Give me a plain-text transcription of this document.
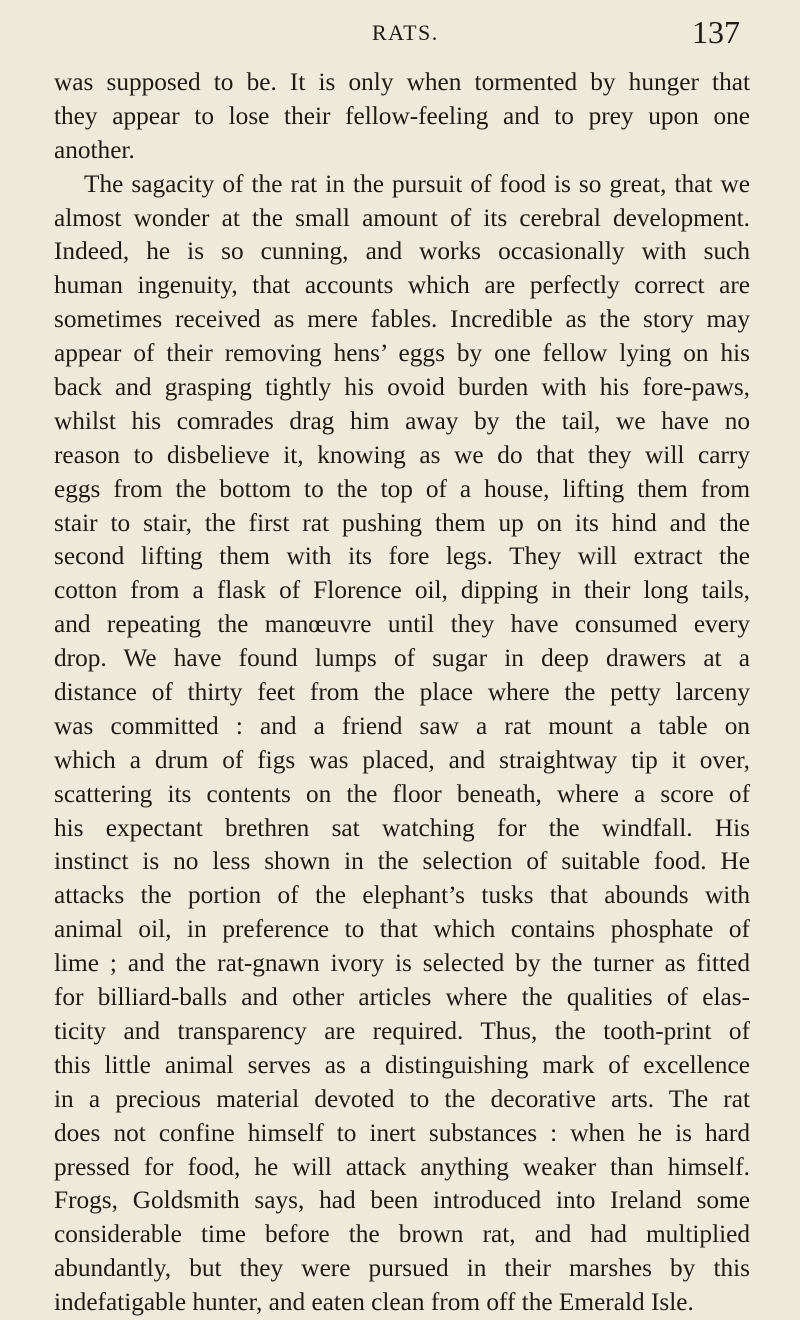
RATS.	137
was supposed to be. It is only when tormented by hunger that
they appear to lose their fellow-feeling and to prey upon one
another.
The sagacity of the rat in the pursuit of food is so great, that we
almost wonder at the small amount of its cerebral development.
Indeed, he is so cunning, and works occasionally with such
human ingenuity, that accounts which are perfectly correct are
sometimes received as mere fables. Incredible as the story may
appear of their removing hens’ eggs by one fellow lying on his
back and grasping tightly his ovoid burden with his fore-paws,
whilst his comrades drag him away by the tail, we have no
reason to disbelieve it, knowing as we do that they will carry
eggs from the bottom to the top of a house, lifting them from
stair to stair, the first rat pushing them up on its hind and the
second lifting them with its fore legs. They will extract the
cotton from a flask of Florence oil, dipping in their long tails,
and repeating the manœuvre until they have consumed every
drop. We have found lumps of sugar in deep drawers at a
distance of thirty feet from the place where the petty larceny
was committed : and a friend saw a rat mount a table on
which a drum of figs was placed, and straightway tip it over,
scattering its contents on the floor beneath, where a score of
his expectant brethren sat watching for the windfall. His
instinct is no less shown in the selection of suitable food. He
attacks the portion of the elephant’s tusks that abounds with
animal oil, in preference to that which contains phosphate of
lime ; and the rat-gnawn ivory is selected by the turner as fitted
for billiard-balls and other articles where the qualities of elas-
ticity and transparency are required. Thus, the tooth-print of
this little animal serves as a distinguishing mark of excellence
in a precious material devoted to the decorative arts. The rat
does not confine himself to inert substances : when he is hard
pressed for food, he will attack anything weaker than himself.
Frogs, Goldsmith says, had been introduced into Ireland some
considerable time before the brown rat, and had multiplied
abundantly, but they were pursued in their marshes by this
indefatigable hunter, and eaten clean from off the Emerald Isle.
